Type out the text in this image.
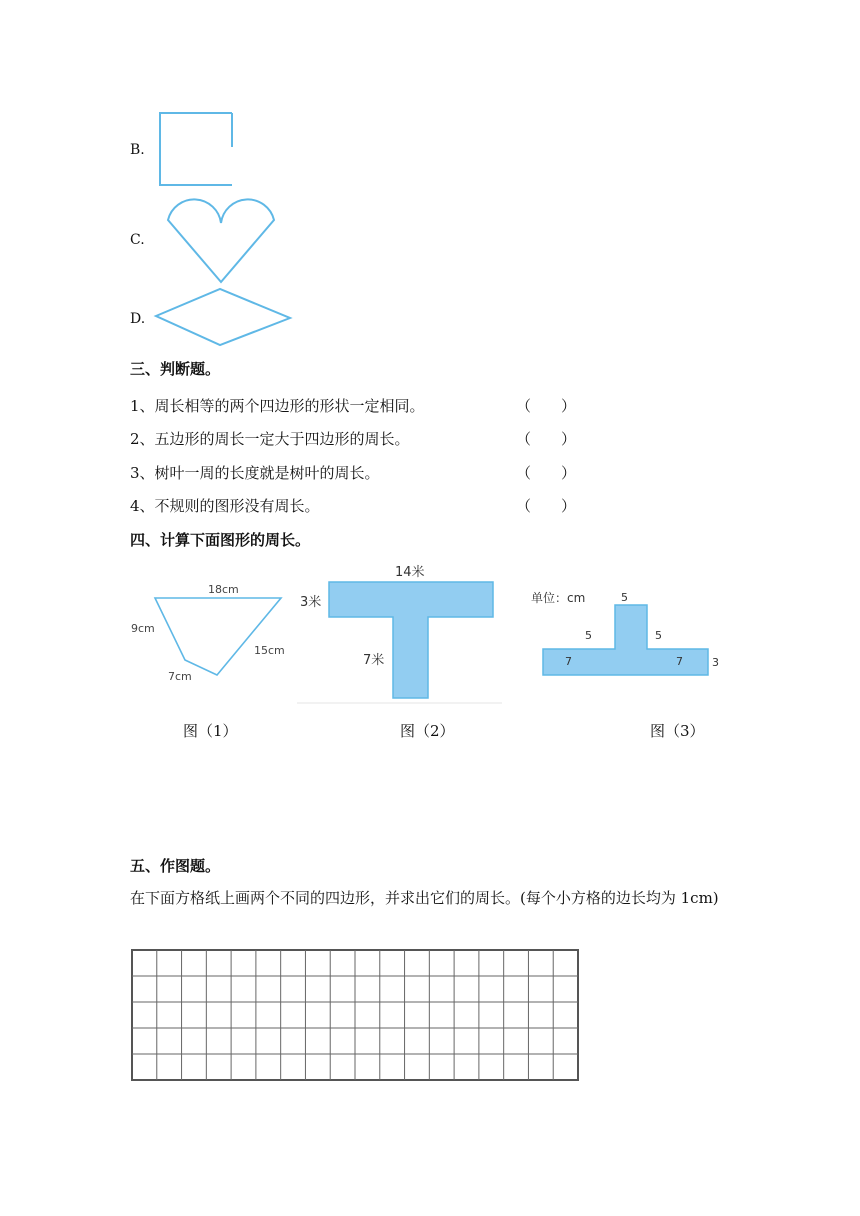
B.
C.
D.
三、判断题。
1、周长相等的两个四边形的形状一定相同。	（　　）
2、五边形的周长一定大于四边形的周长。	（　　）
3、树叶一周的长度就是树叶的周长。	（　　）
4、不规则的图形没有周长。	（　　）
四、计算下面图形的周长。
18cm
9cm
15cm
7cm
14米
3米
7米
单位：cm	5
5	5
7	7	3
图（1）	图（2）	图（3）
五、作图题。
在下面方格纸上画两个不同的四边形，并求出它们的周长。(每个小方格的边长均为 1cm)
